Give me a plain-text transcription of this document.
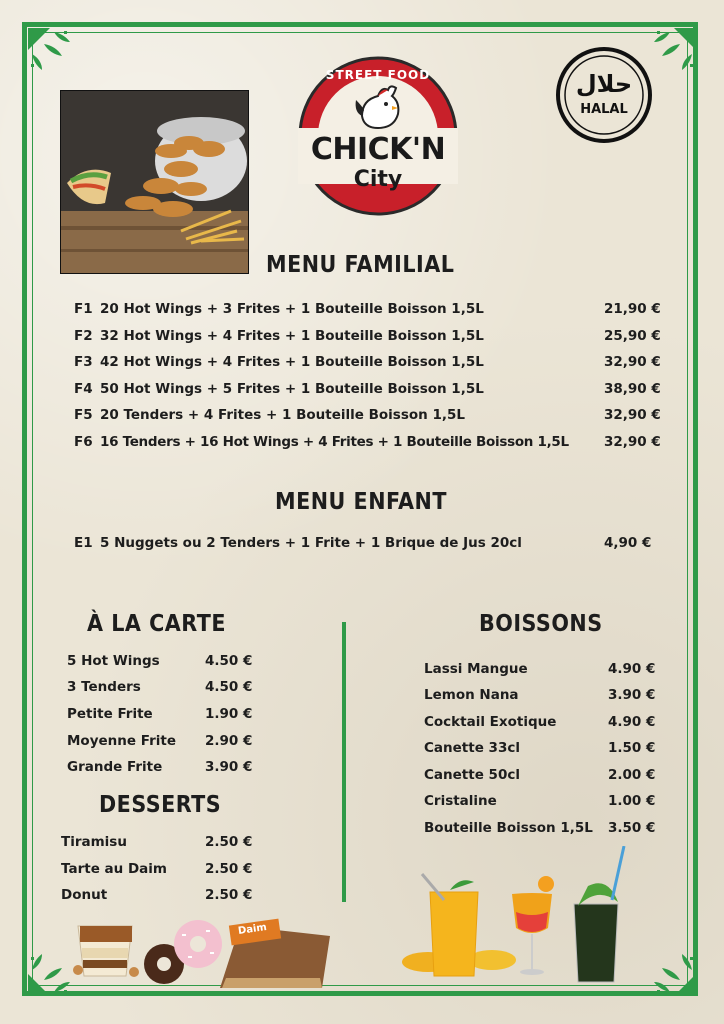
STREET FOOD
CHICK'N
City
حلال
HALAL
MENU FAMILIAL
F1 20 Hot Wings + 3 Frites + 1 Bouteille Boisson 1,5L	21,90 €
F2 32 Hot Wings + 4 Frites + 1 Bouteille Boisson 1,5L	25,90 €
F3 42 Hot Wings + 4 Frites + 1 Bouteille Boisson 1,5L	32,90 €
F4 50 Hot Wings + 5 Frites + 1 Bouteille Boisson 1,5L	38,90 €
F5 20 Tenders + 4 Frites + 1 Bouteille Boisson 1,5L	32,90 €
F6 16 Tenders + 16 Hot Wings + 4 Frites + 1 Bouteille Boisson 1,5L	32,90 €
MENU ENFANT
E1 5 Nuggets ou 2 Tenders + 1 Frite + 1 Brique de Jus 20cl	4,90 €
À LA CARTE
5 Hot Wings	4.50 €
3 Tenders	4.50 €
Petite Frite	1.90 €
Moyenne Frite 2.90 €
Grande Frite	3.90 €
DESSERTS
Tiramisu	2.50 €
Tarte au Daim	2.50 €
Donut	2.50 €
BOISSONS
Lassi Mangue	4.90 €
Lemon Nana	3.90 €
Cocktail Exotique	4.90 €
Canette 33cl	1.50 €
Canette 50cl	2.00 €
Cristaline	1.00 €
Bouteille Boisson 1,5L 3.50 €
Daim
